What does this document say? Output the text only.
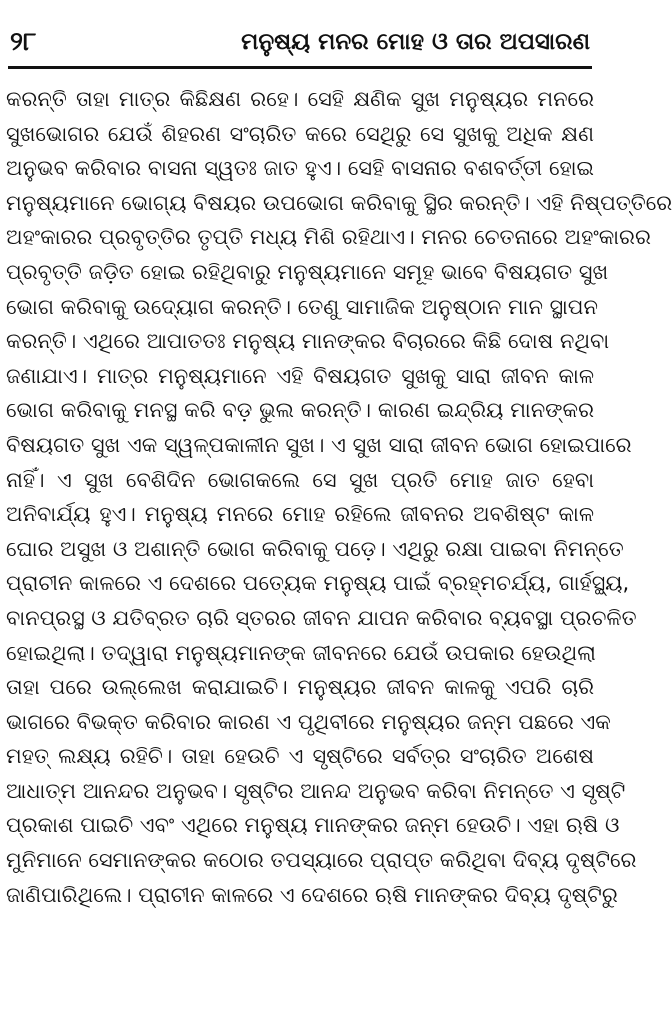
୨୮	ମନୁଷ୍ୟ ମନର ମୋହ ଓ ତାର ଅପସାରଣ
କରନ୍ତି ତାହା ମାତ୍ର କିଛିକ୍ଷଣ ରହେ। ସେହି କ୍ଷଣିକ ସୁଖ ମନୁଷ୍ୟର ମନରେ
ସୁଖଭୋଗର ଯେଉଁ ଶିହରଣ ସଂଚାରିତ କରେ ସେଥିରୁ ସେ ସୁଖକୁ ଅଧିକ କ୍ଷଣ
ଅନୁଭବ କରିବାର ବାସନା ସ୍ୱତଃ ଜାତ ହୁଏ। ସେହି ବାସନାର ବଶବର୍ତ୍ତୀ ହୋଇ
ମନୁଷ୍ୟମାନେ ଭୋଗ୍ୟ ବିଷୟର ଉପଭୋଗ କରିବାକୁ ସ୍ଥିର କରନ୍ତି। ଏହି ନିଷ୍ପତ୍ତିରେ
ଅହଂକାରର ପ୍ରବୃତ୍ତିର ତୃପ୍ତି ମଧ୍ୟ ମିଶି ରହିଥାଏ। ମନର ଚେତନାରେ ଅହଂକାରର
ପ୍ରବୃତ୍ତି ଜଡ଼ିତ ହୋଇ ରହିଥିବାରୁ ମନୁଷ୍ୟମାନେ ସମୂହ ଭାବେ ବିଷୟଗତ ସୁଖ
ଭୋଗ କରିବାକୁ ଉଦ୍ୟୋଗ କରନ୍ତି। ତେଣୁ ସାମାଜିକ ଅନୁଷ୍ଠାନ ମାନ ସ୍ଥାପନ
କରନ୍ତି। ଏଥିରେ ଆପାତତଃ ମନୁଷ୍ୟ ମାନଙ୍କର ବିଚାରରେ କିଛି ଦୋଷ ନଥିବା
ଜଣାଯାଏ। ମାତ୍ର ମନୁଷ୍ୟମାନେ ଏହି ବିଷୟଗତ ସୁଖକୁ ସାରା ଜୀବନ କାଳ
ଭୋଗ କରିବାକୁ ମନସ୍ଥ କରି ବଡ଼ ଭୁଲ କରନ୍ତି। କାରଣ ଇନ୍ଦ୍ରିୟ ମାନଙ୍କର
ବିଷୟଗତ ସୁଖ ଏକ ସ୍ୱଳ୍ପକାଳୀନ ସୁଖ। ଏ ସୁଖ ସାରା ଜୀବନ ଭୋଗ ହୋଇପାରେ
ନାହିଁ। ଏ ସୁଖ ବେଶିଦିନ ଭୋଗକଲେ ସେ ସୁଖ ପ୍ରତି ମୋହ ଜାତ ହେବା
ଅନିବାର୍ଯ୍ୟ ହୁଏ। ମନୁଷ୍ୟ ମନରେ ମୋହ ରହିଲେ ଜୀବନର ଅବଶିଷ୍ଟ କାଳ
ଘୋର ଅସୁଖ ଓ ଅଶାନ୍ତି ଭୋଗ କରିବାକୁ ପଡ଼େ। ଏଥିରୁ ରକ୍ଷା ପାଇବା ନିମନ୍ତେ
ପ୍ରାଚୀନ କାଳରେ ଏ ଦେଶରେ ପତ୍ୟେକ ମନୁଷ୍ୟ ପାଇଁ ବ୍ରହ୍ମଚର୍ଯ୍ୟ, ଗାର୍ହସ୍ଥ୍ୟ,
ବାନପ୍ରସ୍ଥ ଓ ଯତିବ୍ରତ ଚାରି ସ୍ତରର ଜୀବନ ଯାପନ କରିବାର ବ୍ୟବସ୍ଥା ପ୍ରଚଳିତ
ହୋଇଥିଲା। ତଦ୍ୱାରା ମନୁଷ୍ୟମାନଙ୍କ ଜୀବନରେ ଯେଉଁ ଉପକାର ହେଉଥିଲା
ତାହା ପରେ ଉଲ୍ଲେଖ କରାଯାଇଚି। ମନୁଷ୍ୟର ଜୀବନ କାଳକୁ ଏପରି ଚାରି
ଭାଗରେ ବିଭକ୍ତ କରିବାର କାରଣ ଏ ପୃଥିବୀରେ ମନୁଷ୍ୟର ଜନ୍ମ ପଛରେ ଏକ
ମହତ୍ ଲକ୍ଷ୍ୟ ରହିଚି। ତାହା ହେଉଚି ଏ ସୃଷ୍ଟିରେ ସର୍ବତ୍ର ସଂଚାରିତ ଅଶେଷ
ଆଧାତ୍ମ ଆନନ୍ଦର ଅନୁଭବ। ସୃଷ୍ଟିର ଆନନ୍ଦ ଅନୁଭବ କରିବା ନିମନ୍ତେ ଏ ସୃଷ୍ଟି
ପ୍ରକାଶ ପାଇଚି ଏବଂ ଏଥିରେ ମନୁଷ୍ୟ ମାନଙ୍କର ଜନ୍ମ ହେଉଚି। ଏହା ଋଷି ଓ
ମୁନିମାନେ ସେମାନଙ୍କର କଠୋର ତପସ୍ୟାରେ ପ୍ରାପ୍ତ କରିଥିବା ଦିବ୍ୟ ଦୃଷ୍ଟିରେ
ଜାଣିପାରିଥିଲେ। ପ୍ରାଚୀନ କାଳରେ ଏ ଦେଶରେ ଋଷି ମାନଙ୍କର ଦିବ୍ୟ ଦୃଷ୍ଟିରୁ
